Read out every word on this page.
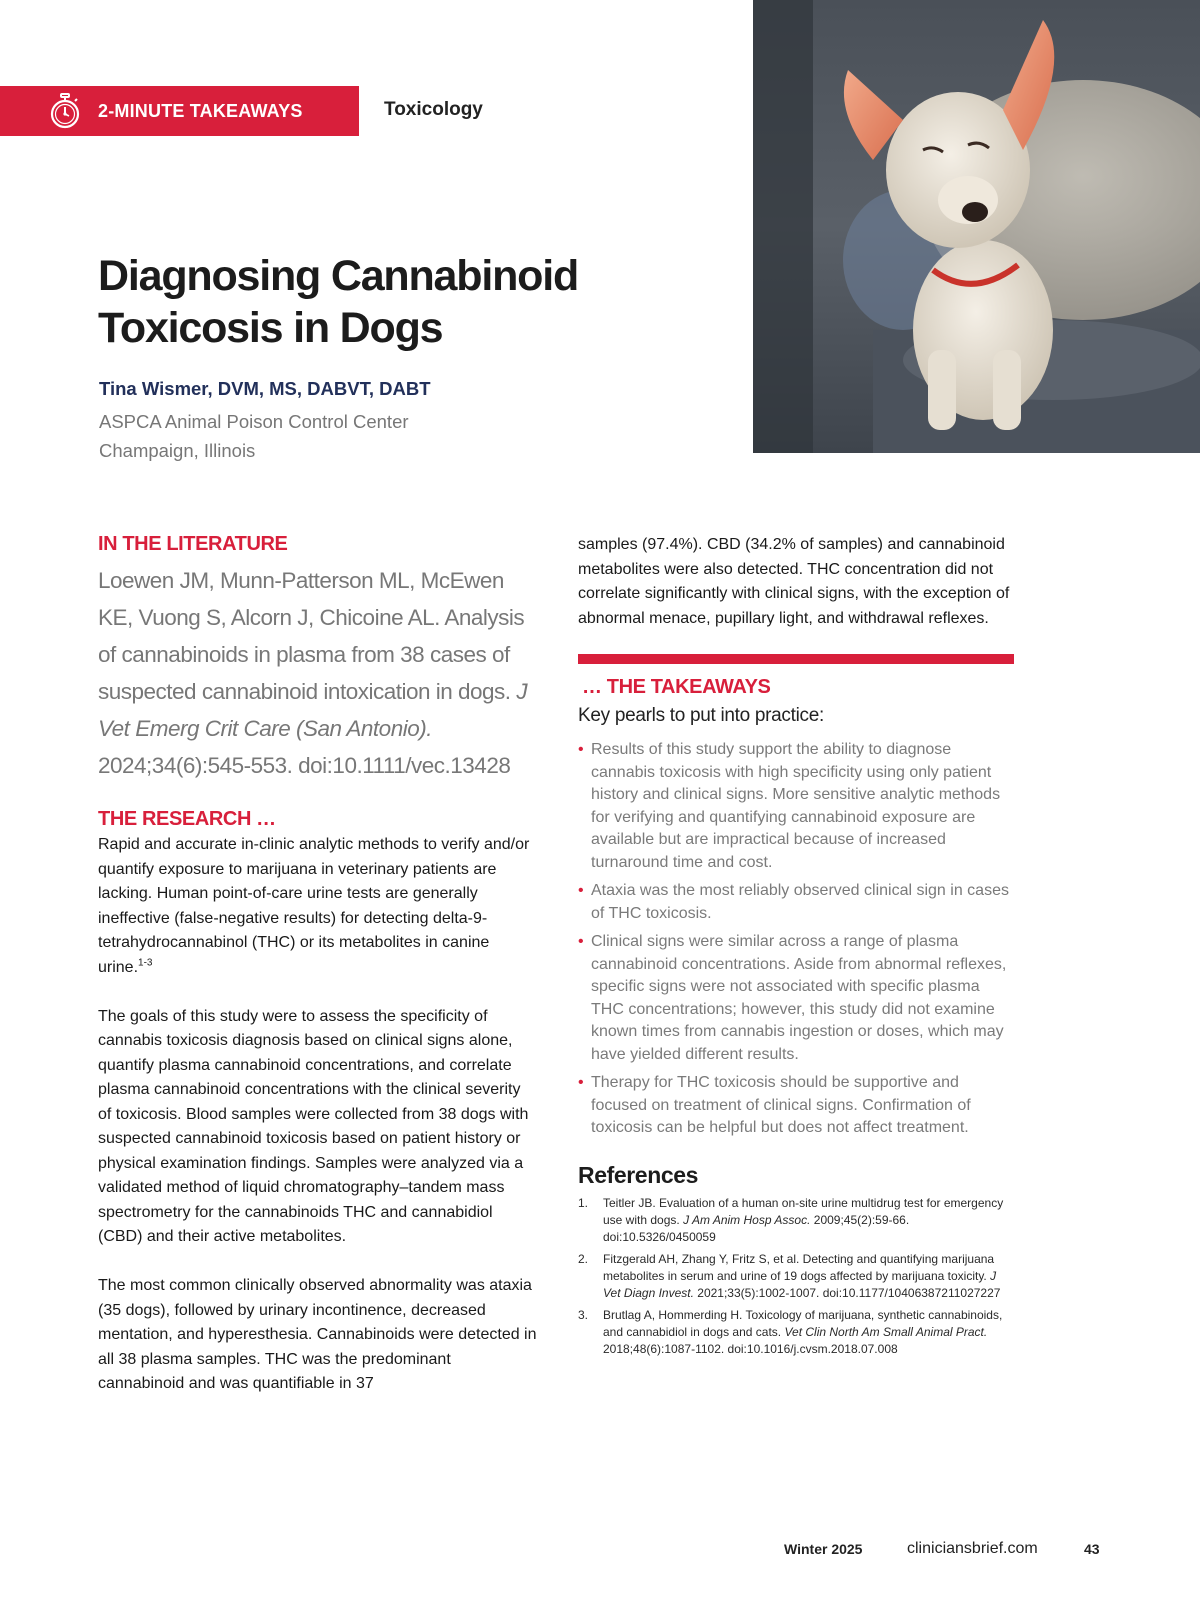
2-MINUTE TAKEAWAYS	Toxicology
Diagnosing Cannabinoid
Toxicosis in Dogs
Tina Wismer, DVM, MS, DABVT, DABT
ASPCA Animal Poison Control Center
Champaign, Illinois
IN THE LITERATURE
Loewen JM, Munn-Patterson ML, McEwen KE, Vuong S, Alcorn J, Chicoine AL. Analysis of cannabinoids in plasma from 38 cases of suspected cannabinoid intoxication in dogs. J Vet Emerg Crit Care (San Antonio). 2024;34(6):545-553. doi:10.1111/vec.13428
THE RESEARCH …

Rapid and accurate in-clinic analytic methods to verify and/or quantify exposure to marijuana in veterinary patients are lacking. Human point-of-care urine tests are generally ineffective (false-negative results) for detecting delta-9-tetrahydrocannabinol (THC) or its metabolites in canine urine.$^{1-3}$

The goals of this study were to assess the specificity of cannabis toxicosis diagnosis based on clinical signs alone, quantify plasma cannabinoid concentrations, and correlate plasma cannabinoid concentrations with the clinical severity of toxicosis. Blood samples were collected from 38 dogs with suspected cannabinoid toxicosis based on patient history or physical examination findings. Samples were analyzed via a validated method of liquid chromatography–tandem mass spectrometry for the cannabinoids THC and cannabidiol (CBD) and their active metabolites.

The most common clinically observed abnormality was ataxia (35 dogs), followed by urinary incontinence, decreased mentation, and hyperesthesia. Cannabinoids were detected in all 38 plasma samples. THC was the predominant cannabinoid and was quantifiable in 37

samples (97.4%). CBD (34.2% of samples) and cannabinoid metabolites were also detected. THC concentration did not correlate significantly with clinical signs, with the exception of abnormal menace, pupillary light, and withdrawal reflexes.

… THE TAKEAWAYS
Key pearls to put into practice:
• Results of this study support the ability to diagnose cannabis toxicosis with high specificity using only patient history and clinical signs. More sensitive analytic methods for verifying and quantifying cannabinoid exposure are available but are impractical because of increased turnaround time and cost.
• Ataxia was the most reliably observed clinical sign in cases of THC toxicosis.
• Clinical signs were similar across a range of plasma cannabinoid concentrations. Aside from abnormal reflexes, specific signs were not associated with specific plasma THC concentrations; however, this study did not examine known times from cannabis ingestion or doses, which may have yielded different results.
• Therapy for THC toxicosis should be supportive and focused on treatment of clinical signs. Confirmation of toxicosis can be helpful but does not affect treatment.
References
1. Teitler JB. Evaluation of a human on-site urine multidrug test for emergency use with dogs. J Am Anim Hosp Assoc. 2009;45(2):59-66. doi:10.5326/0450059
2. Fitzgerald AH, Zhang Y, Fritz S, et al. Detecting and quantifying marijuana metabolites in serum and urine of 19 dogs affected by marijuana toxicity. J Vet Diagn Invest. 2021;33(5):1002-1007. doi:10.1177/10406387211027227
3. Brutlag A, Hommerding H. Toxicology of marijuana, synthetic cannabinoids, and cannabidiol in dogs and cats. Vet Clin North Am Small Animal Pract. 2018;48(6):1087-1102. doi:10.1016/j.cvsm.2018.07.008
Winter 2025	cliniciansbrief.com	43
